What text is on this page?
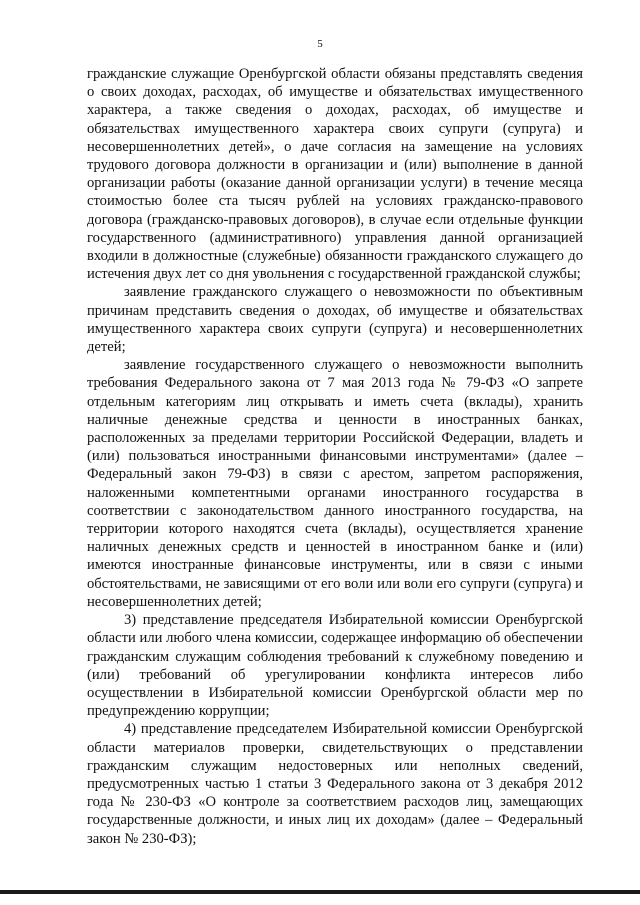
5

гражданские служащие Оренбургской области обязаны представлять сведения о своих доходах, расходах, об имуществе и обязательствах имущественного характера, а также сведения о доходах, расходах, об имуществе и обязательствах имущественного характера своих супруги (супруга) и несовершеннолетних детей», о даче согласия на замещение на условиях трудового договора должности в организации и (или) выполнение в данной организации работы (оказание данной организации услуги) в течение месяца стоимостью более ста тысяч рублей на условиях гражданско-правового договора (гражданско-правовых договоров), в случае если отдельные функции государственного (административного) управления данной организацией входили в должностные (служебные) обязанности гражданского служащего до истечения двух лет со дня увольнения с государственной гражданской службы;

заявление гражданского служащего о невозможности по объективным причинам представить сведения о доходах, об имуществе и обязательствах имущественного характера своих супруги (супруга) и несовершеннолетних детей;

заявление государственного служащего о невозможности выполнить требования Федерального закона от 7 мая 2013 года № 79-ФЗ «О запрете отдельным категориям лиц открывать и иметь счета (вклады), хранить наличные денежные средства и ценности в иностранных банках, расположенных за пределами территории Российской Федерации, владеть и (или) пользоваться иностранными финансовыми инструментами» (далее – Федеральный закон 79-ФЗ) в связи с арестом, запретом распоряжения, наложенными компетентными органами иностранного государства в соответствии с законодательством данного иностранного государства, на территории которого находятся счета (вклады), осуществляется хранение наличных денежных средств и ценностей в иностранном банке и (или) имеются иностранные финансовые инструменты, или в связи с иными обстоятельствами, не зависящими от его воли или воли его супруги (супруга) и несовершеннолетних детей;

3) представление председателя Избирательной комиссии Оренбургской области или любого члена комиссии, содержащее информацию об обеспечении гражданским служащим соблюдения требований к служебному поведению и (или) требований об урегулировании конфликта интересов либо осуществлении в Избирательной комиссии Оренбургской области мер по предупреждению коррупции;

4) представление председателем Избирательной комиссии Оренбургской области материалов проверки, свидетельствующих о представлении гражданским служащим недостоверных или неполных сведений, предусмотренных частью 1 статьи 3 Федерального закона от 3 декабря 2012 года № 230-ФЗ «О контроле за соответствием расходов лиц, замещающих государственные должности, и иных лиц их доходам» (далее – Федеральный закон № 230-ФЗ);
